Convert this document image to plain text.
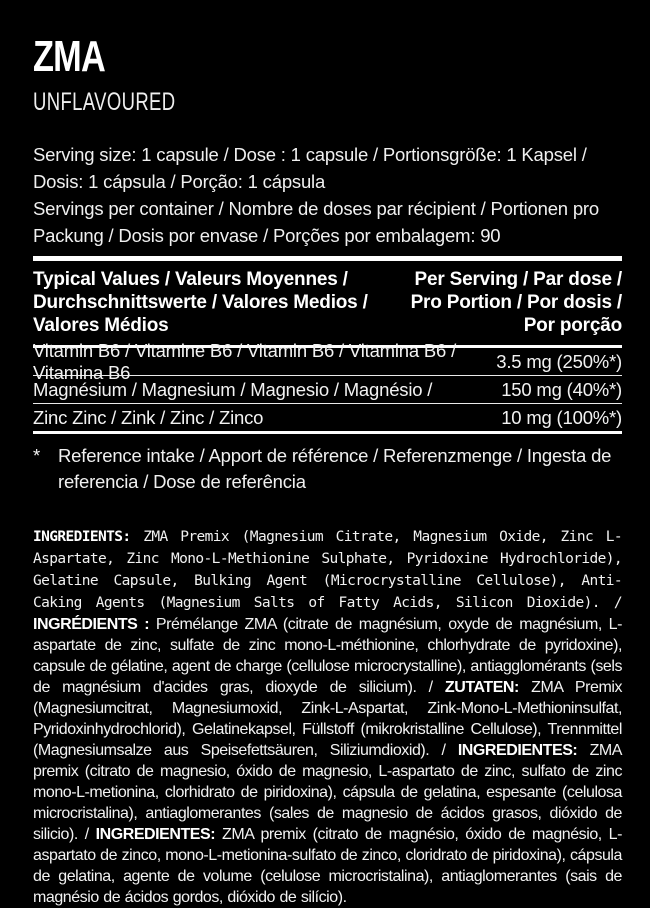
ZMA
UNFLAVOURED

Serving size: 1 capsule / Dose : 1 capsule / Portionsgröße: 1 Kapsel / Dosis: 1 cápsula / Porção: 1 cápsula

Servings per container / Nombre de doses par récipient / Portionen pro Packung / Dosis por envase / Porções por embalagem: 90

Typical Values / Valeurs Moyennes /
Durchschnittswerte / Valores Medios /
Valores Médios
Per Serving / Par dose /
Pro Portion / Por dosis /
Por porção
Vitamin B6 / Vitamine B6 / Vitamin B6 / Vitamina B6 / Vitamina B6
3.5 mg (250%*)
Magnésium / Magnesium / Magnesio / Magnésio /	150 mg (40%*)
Zinc Zinc / Zink / Zinc / Zinco	10 mg (100%*)
* Reference intake / Apport de référence / Referenzmenge / Ingesta de referencia / Dose de referência
INGREDIENTS: ZMA Premix (Magnesium Citrate, Magnesium Oxide, Zinc L-Aspartate, Zinc Mono-L-Methionine Sulphate, Pyridoxine Hydrochloride), Gelatine Capsule, Bulking Agent (Microcrystalline Cellulose), Anti-Caking Agents (Magnesium Salts of Fatty Acids, Silicon Dioxide). / INGRÉDIENTS : Prémélange ZMA (citrate de magnésium, oxyde de magnésium, L-aspartate de zinc, sulfate de zinc mono-L-méthionine, chlorhydrate de pyridoxine), capsule de gélatine, agent de charge (cellulose microcrystalline), antiagglomérants (sels de magnésium d'acides gras, dioxyde de silicium). / ZUTATEN: ZMA Premix (Magnesiumcitrat, Magnesiumoxid, Zink-L-Aspartat, Zink-Mono-L-Methioninsulfat, Pyridoxinhydrochlorid), Gelatinekapsel, Füllstoff (mikrokristalline Cellulose), Trennmittel (Magnesiumsalze aus Speisefettsäuren, Siliziumdioxid). / INGREDIENTES: ZMA premix (citrato de magnesio, óxido de magnesio, L-aspartato de zinc, sulfato de zinc mono-L-metionina, clorhidrato de piridoxina), cápsula de gelatina, espesante (celulosa microcristalina), antiaglomerantes (sales de magnesio de ácidos grasos, dióxido de silicio). / INGREDIENTES: ZMA premix (citrato de magnésio, óxido de magnésio, L-aspartato de zinco, mono-L-metionina-sulfato de zinco, cloridrato de piridoxina), cápsula de gelatina, agente de volume (celulose microcristalina), antiaglomerantes (sais de magnésio de ácidos gordos, dióxido de silício).
